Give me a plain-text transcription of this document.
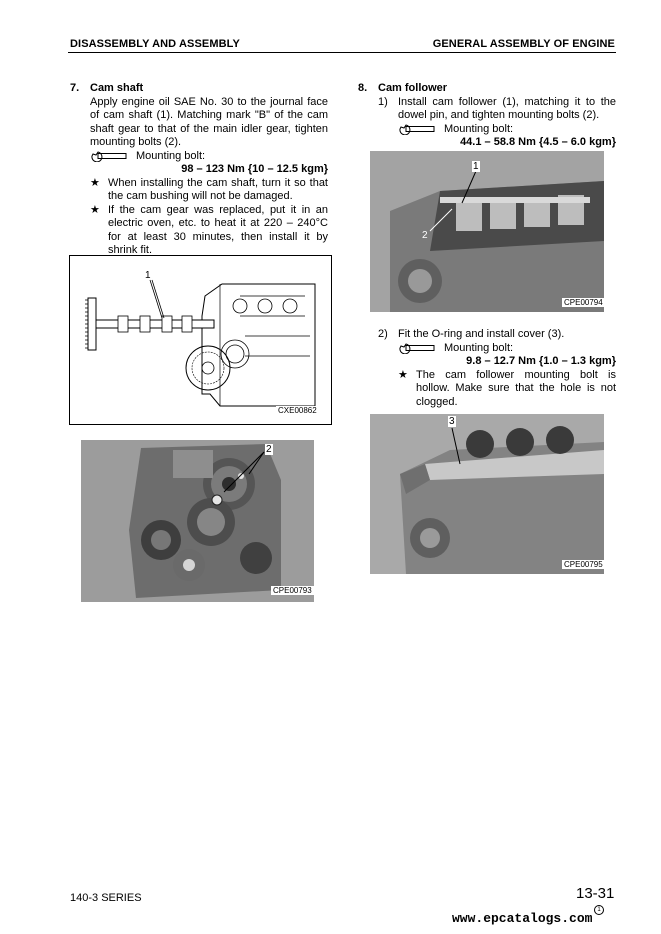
DISASSEMBLY AND ASSEMBLY	GENERAL ASSEMBLY OF ENGINE
7. Cam shaft
Apply engine oil SAE No. 30 to the journal face of cam shaft (1). Matching mark "B" of the cam shaft gear to that of the main idler gear, tighten mounting bolts (2).
Mounting bolt:
98 – 123 Nm {10 – 12.5 kgm}
★ When installing the cam shaft, turn it so that the cam bushing will not be damaged.
★ If the cam gear was replaced, put it in an electric oven, etc. to heat it at 220 – 240°C for at least 30 minutes, then install it by shrink fit.
1
CXE00862
2
CPE00793
8. Cam follower
1) Install cam follower (1), matching it to the dowel pin, and tighten mounting bolts (2).
Mounting bolt:
44.1 – 58.8 Nm {4.5 – 6.0 kgm}
1
2
CPE00794
2) Fit the O-ring and install cover (3).
Mounting bolt:
9.8 – 12.7 Nm {1.0 – 1.3 kgm}
★ The cam follower mounting bolt is hollow. Make sure that the hole is not clogged.
3
CPE00795
140-3 SERIES	13-31
1
www.epcatalogs.com
